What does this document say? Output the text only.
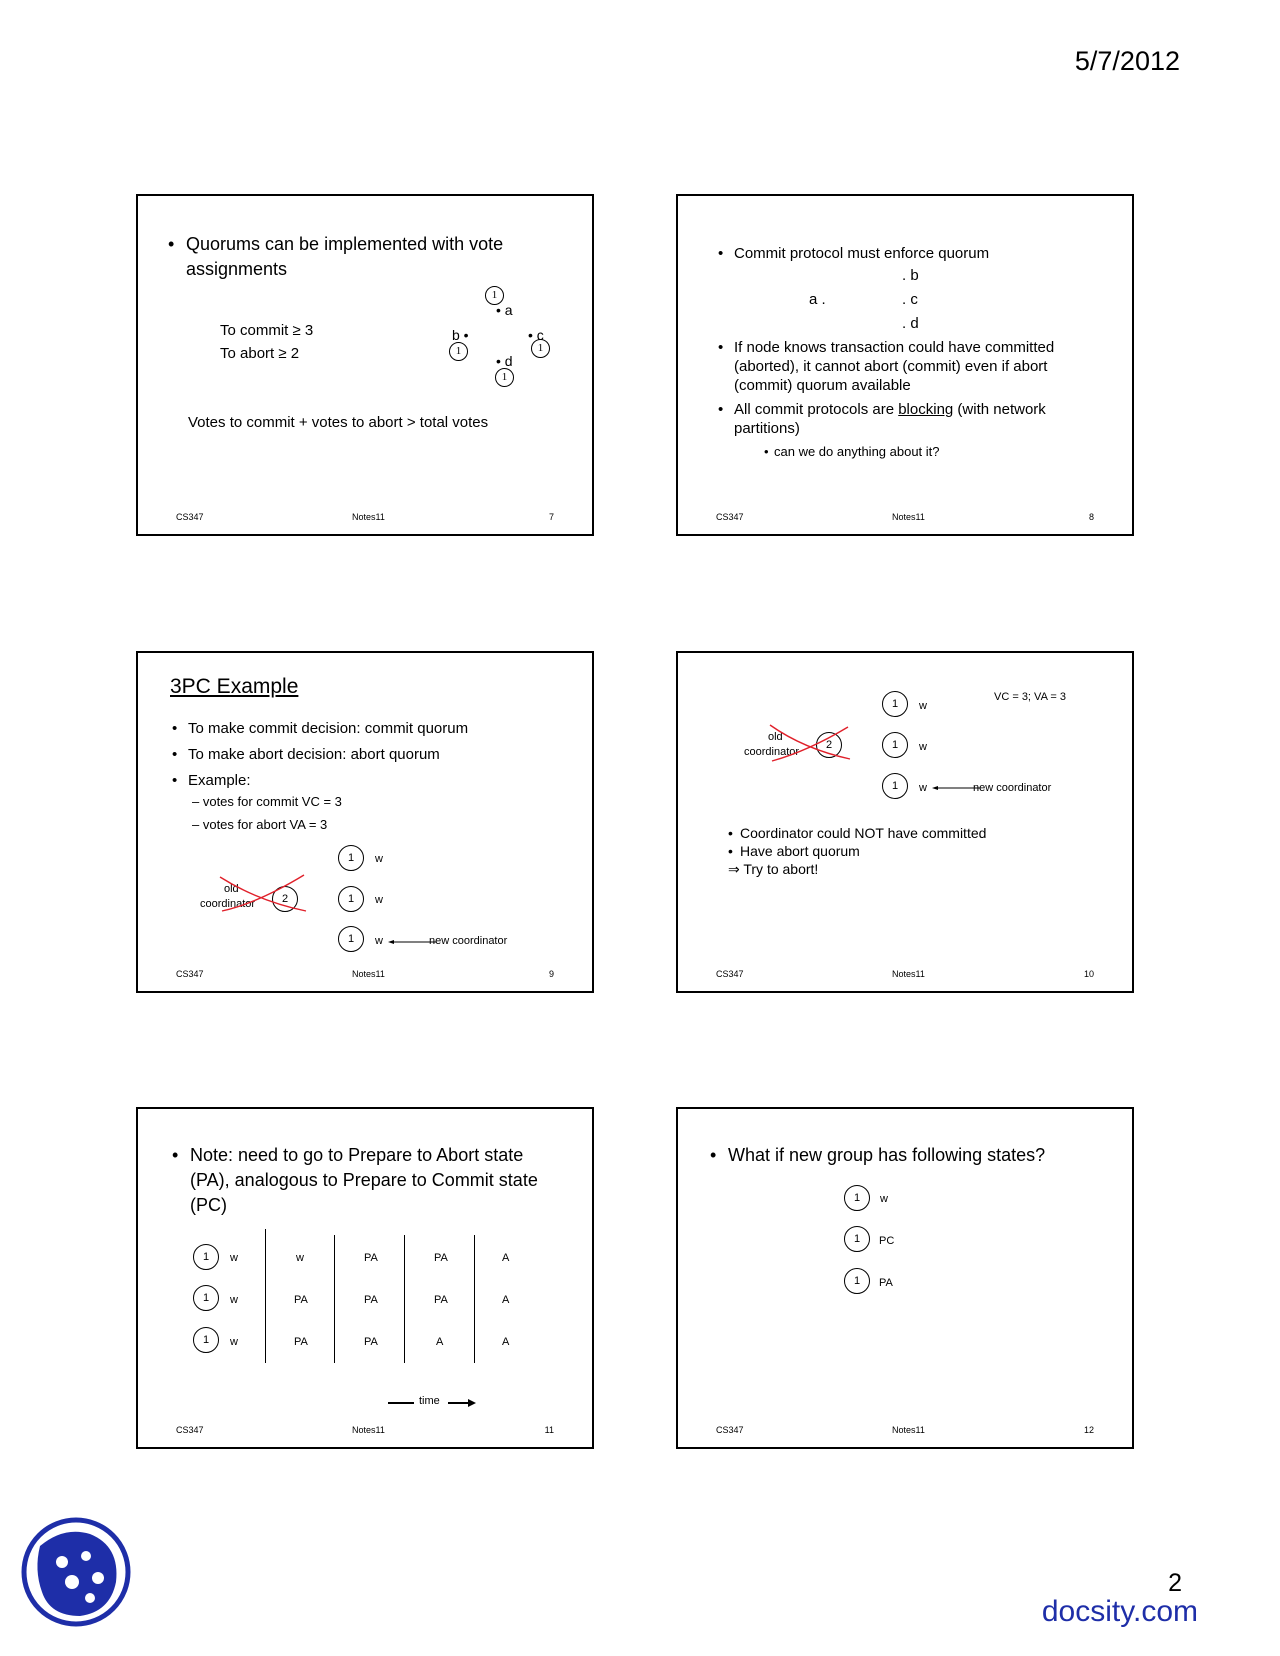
5/7/2012
• Quorums can be implemented with vote assignments
To commit ≥ 3
To abort ≥ 2
1
• a
b •
1
• c
1
• d
1
Votes to commit + votes to abort > total votes
CS347	Notes11	7
• Commit protocol must enforce quorum
. b
a .	. c
. d
• If node knows transaction could have committed (aborted), it cannot abort (commit) even if abort (commit) quorum available
• All commit protocols are blocking (with network partitions)
• can we do anything about it?
CS347	Notes11	8
3PC Example
• To make commit decision: commit quorum
• To make abort decision: abort quorum
• Example:
– votes for commit VC = 3
– votes for abort VA = 3
1	w
1	w
1	w	new coordinator
old
coordinator	2
CS347	Notes11	9
VC = 3; VA = 3
1	w
1	w
1	w	new coordinator
old
coordinator
2
• Coordinator could NOT have committed
• Have abort quorum
⇒ Try to abort!
CS347	Notes11	10
• Note: need to go to Prepare to Abort state (PA), analogous to Prepare to Commit state (PC)
1	w	w	PA	PA	A
1	w	PA	PA	PA	A
1	w	PA	PA	A	A
time
CS347	Notes11	11
• What if new group has following states?
1	w
1	PC
1	PA
CS347	Notes11	12
2
docsity.com
